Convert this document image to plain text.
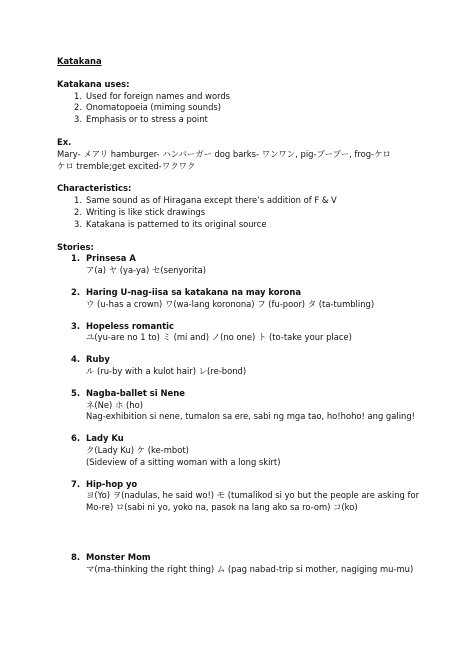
Katakana
Katakana uses:
1. Used for foreign names and words
2. Onomatopoeia (miming sounds)
3. Emphasis or to stress a point
Ex.
Mary- メアリ hamburger- ハンバーガー dog barks- ワンワン, pig-ブーブー, frog-ケロ
ケロ tremble;get excited-ワクワク
Characteristics:
1. Same sound as of Hiragana except there’s addition of F & V
2. Writing is like stick drawings
3. Katakana is patterned to its original source
Stories:
1. Prinsesa A
ア(a) ヤ (ya-ya) セ(senyorita)
2. Haring U-nag-iisa sa katakana na may korona
ウ (u-has a crown) ワ(wa-lang koronona) フ (fu-poor) タ (ta-tumbling)
3. Hopeless romantic
ユ(yu-are no 1 to) ミ (mi and) ノ(no one) ト (to-take your place)
4. Ruby
ル (ru-by with a kulot hair) レ(re-bond)
5. Nagba-ballet si Nene
ネ(Ne) ホ (ho)
Nag-exhibition si nene, tumalon sa ere, sabi ng mga tao, ho!hoho! ang galing!
6. Lady Ku
ク(Lady Ku) ケ (ke-mbot)
(Sideview of a sitting woman with a long skirt)
7. Hip-hop yo
ヨ(Yo) ヲ(nadulas, he said wo!) モ (tumalikod si yo but the people are asking for
Mo-re) ロ(sabi ni yo, yoko na, pasok na lang ako sa ro-om) コ(ko)
8. Monster Mom
マ(ma-thinking the right thing) ム (pag nabad-trip si mother, nagiging mu-mu)
